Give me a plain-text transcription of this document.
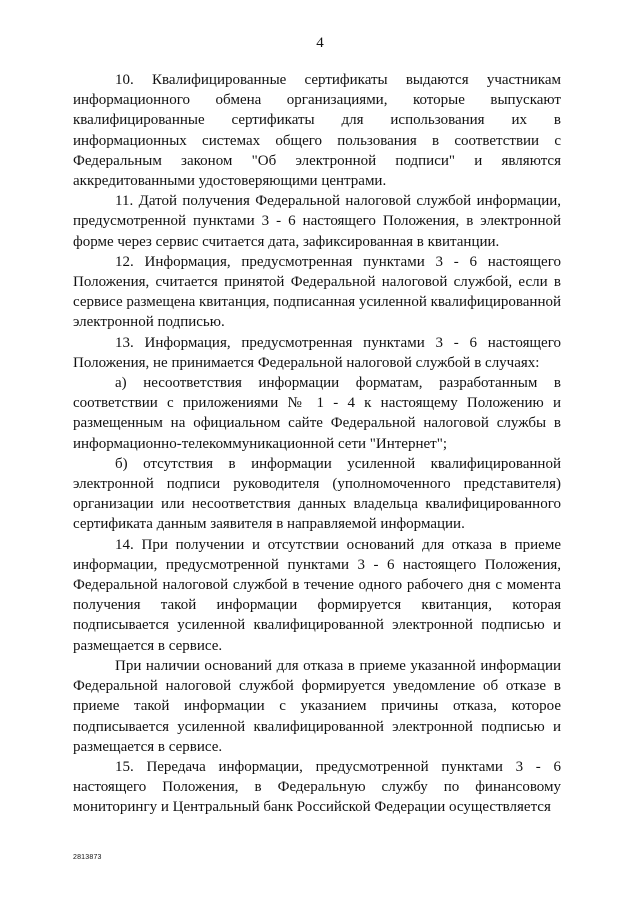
4

10. Квалифицированные сертификаты выдаются участникам информационного обмена организациями, которые выпускают квалифицированные сертификаты для использования их в информационных системах общего пользования в соответствии с Федеральным законом "Об электронной подписи" и являются аккредитованными удостоверяющими центрами.

11. Датой получения Федеральной налоговой службой информации, предусмотренной пунктами 3 - 6 настоящего Положения, в электронной форме через сервис считается дата, зафиксированная в квитанции.

12. Информация, предусмотренная пунктами 3 - 6 настоящего Положения, считается принятой Федеральной налоговой службой, если в сервисе размещена квитанция, подписанная усиленной квалифицированной электронной подписью.

13. Информация, предусмотренная пунктами 3 - 6 настоящего Положения, не принимается Федеральной налоговой службой в случаях:

а) несоответствия информации форматам, разработанным в соответствии с приложениями № 1 - 4 к настоящему Положению и размещенным на официальном сайте Федеральной налоговой службы в информационно-телекоммуникационной сети "Интернет";

б) отсутствия в информации усиленной квалифицированной электронной подписи руководителя (уполномоченного представителя) организации или несоответствия данных владельца квалифицированного сертификата данным заявителя в направляемой информации.

14. При получении и отсутствии оснований для отказа в приеме информации, предусмотренной пунктами 3 - 6 настоящего Положения, Федеральной налоговой службой в течение одного рабочего дня с момента получения такой информации формируется квитанция, которая подписывается усиленной квалифицированной электронной подписью и размещается в сервисе.

При наличии оснований для отказа в приеме указанной информации Федеральной налоговой службой формируется уведомление об отказе в приеме такой информации с указанием причины отказа, которое подписывается усиленной квалифицированной электронной подписью и размещается в сервисе.

15. Передача информации, предусмотренной пунктами 3 - 6 настоящего Положения, в Федеральную службу по финансовому мониторингу и Центральный банк Российской Федерации осуществляется

2813873
